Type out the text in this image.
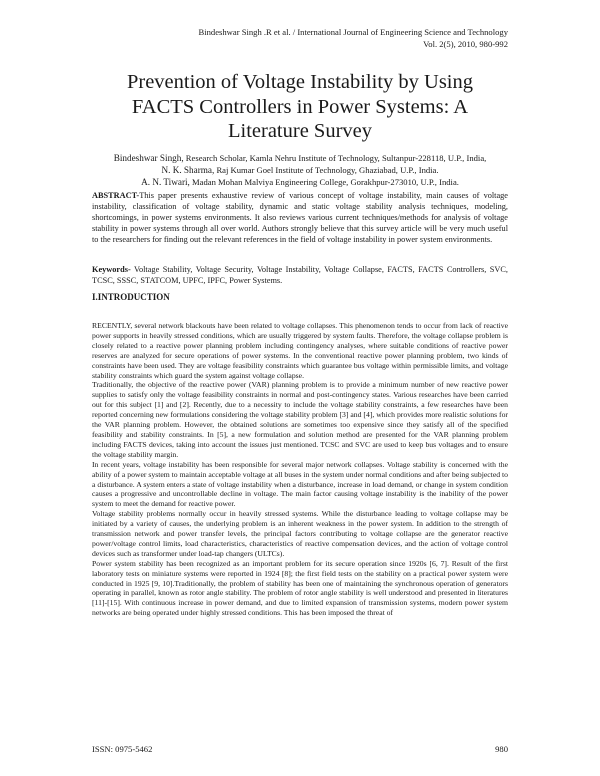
Bindeshwar Singh .R et al. / International Journal of Engineering Science and Technology
Vol. 2(5), 2010, 980-992
Prevention of Voltage Instability by Using
FACTS Controllers in Power Systems: A
Literature Survey
Bindeshwar Singh, Research Scholar, Kamla Nehru Institute of Technology, Sultanpur-228118, U.P., India,
N. K. Sharma, Raj Kumar Goel Institute of Technology, Ghaziabad, U.P., India.
A. N. Tiwari, Madan Mohan Malviya Engineering College, Gorakhpur-273010, U.P., India.
ABSTRACT-This paper presents exhaustive review of various concept of voltage instability, main causes of voltage instability, classification of voltage stability, dynamic and static voltage stability analysis techniques, modeling, shortcomings, in power systems environments. It also reviews various current techniques/methods for analysis of voltage stability in power systems through all over world. Authors strongly believe that this survey article will be very much useful to the researchers for finding out the relevant references in the field of voltage instability in power system environments.
Keywords- Voltage Stability, Voltage Security, Voltage Instability, Voltage Collapse, FACTS, FACTS Controllers, SVC, TCSC, SSSC, STATCOM, UPFC, IPFC, Power Systems.
I.INTRODUCTION

RECENTLY, several network blackouts have been related to voltage collapses. This phenomenon tends to occur from lack of reactive power supports in heavily stressed conditions, which are usually triggered by system faults. Therefore, the voltage collapse problem is closely related to a reactive power planning problem including contingency analyses, where suitable conditions of reactive power reserves are analyzed for secure operations of power systems. In the conventional reactive power planning problem, two kinds of constraints have been used. They are voltage feasibility constraints which guarantee bus voltage within permissible limits, and voltage stability constraints which guard the system against voltage collapse.

Traditionally, the objective of the reactive power (VAR) planning problem is to provide a minimum number of new reactive power supplies to satisfy only the voltage feasibility constraints in normal and post-contingency states. Various researches have been carried out for this subject [1] and [2]. Recently, due to a necessity to include the voltage stability constraints, a few researches have been reported concerning new formulations considering the voltage stability problem [3] and [4], which provides more realistic solutions for the VAR planning problem. However, the obtained solutions are sometimes too expensive since they satisfy all of the specified feasibility and stability constraints. In [5], a new formulation and solution method are presented for the VAR planning problem including FACTS devices, taking into account the issues just mentioned. TCSC and SVC are used to keep bus voltages and to ensure the voltage stability margin.

In recent years, voltage instability has been responsible for several major network collapses. Voltage stability is concerned with the ability of a power system to maintain acceptable voltage at all buses in the system under normal conditions and after being subjected to a disturbance. A system enters a state of voltage instability when a disturbance, increase in load demand, or change in system condition causes a progressive and uncontrollable decline in voltage. The main factor causing voltage instability is the inability of the power system to meet the demand for reactive power.

Voltage stability problems normally occur in heavily stressed systems. While the disturbance leading to voltage collapse may be initiated by a variety of causes, the underlying problem is an inherent weakness in the power system. In addition to the strength of transmission network and power transfer levels, the principal factors contributing to voltage collapse are the generator reactive power/voltage control limits, load characteristics, characteristics of reactive compensation devices, and the action of voltage control devices such as transformer under load-tap changers (ULTCs).

Power system stability has been recognized as an important problem for its secure operation since 1920s [6, 7]. Result of the first laboratory tests on miniature systems were reported in 1924 [8]; the first field tests on the stability on a practical power system were conducted in 1925 [9, 10].Traditionally, the problem of stability has been one of maintaining the synchronous operation of generators operating in parallel, known as rotor angle stability. The problem of rotor angle stability is well understood and presented in literatures [11]-[15]. With continuous increase in power demand, and due to limited expansion of transmission systems, modern power system networks are being operated under highly stressed conditions. This has been imposed the threat of

ISSN: 0975-5462	980
